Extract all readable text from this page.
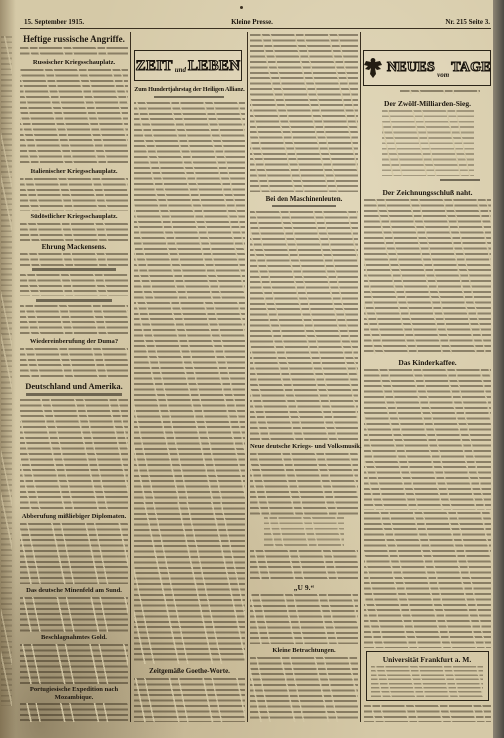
15. September 1915.	Kleine Presse.	Nr. 215 Seite 3.
Heftige russische Angriffe.
Russischer Kriegsschauplatz.
Italienischer Kriegsschauplatz.
Südöstlicher Kriegsschauplatz.
Ehrung Mackensens.
Wiedereinberufung der Duma?
Deutschland und Amerika.
Abberufung mißliebiger Diplomaten.
Das deutsche Minenfeld am Sund.
Beschlagnahmtes Gold.
Portugiesische Expedition nach Mozambique.
ZEIT und LEBEN
Zum Hundertjahrstag der Heiligen Allianz.
Zeitgemäße Goethe-Worte.
Bei den Maschinenleuten.
Neue deutsche Kriegs- und Volksmusik.
„U 9.“
Kleine Betrachtungen.
NEUES vom TAGE
Der Zwölf-Milliarden-Sieg.
Der Zeichnungsschluß naht.
Das Kinderkaffee.
Universität Frankfurt a. M.
